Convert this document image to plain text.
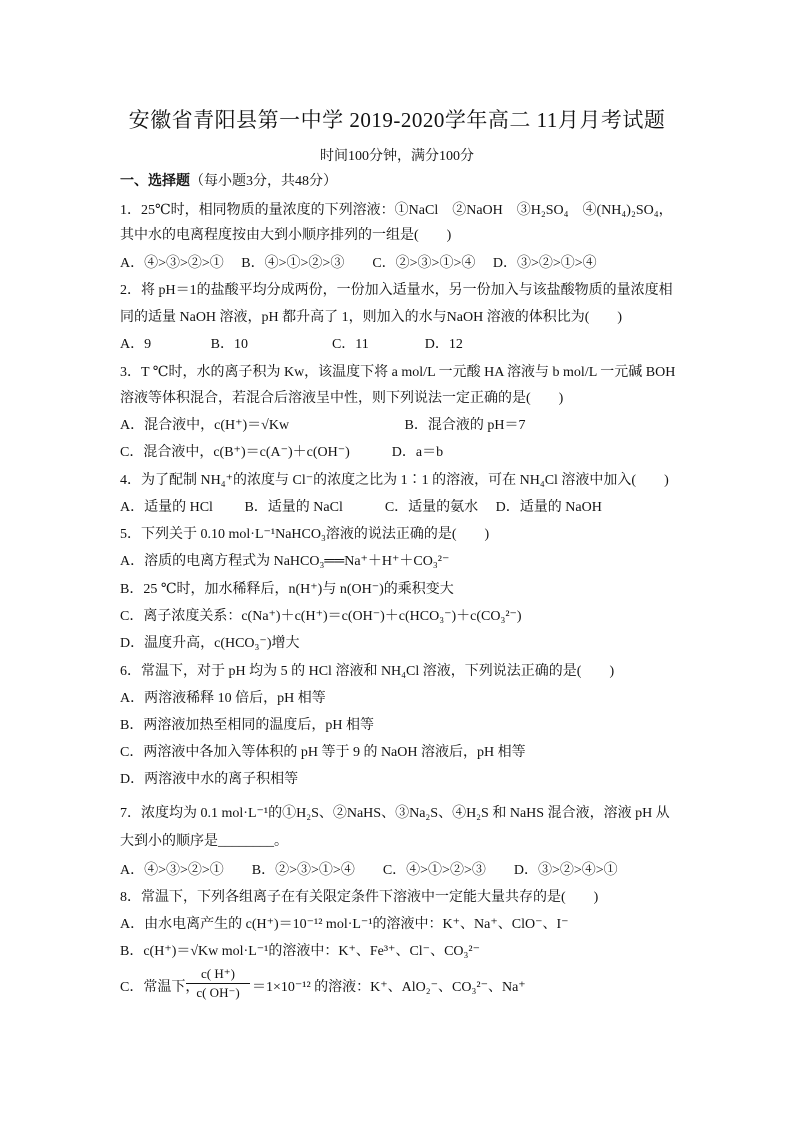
安徽省青阳县第一中学 2019-2020学年高二 11月月考试题
时间100分钟，满分100分
一、选择题（每小题3分，共48分）
1．25℃时，相同物质的量浓度的下列溶液：①NaCl　②NaOH　③H₂SO₄　④(NH₄)₂SO₄，
其中水的电离程度按由大到小顺序排列的一组是(　　)
A．④>③>②>①　 B．④>①>②>③　　C．②>③>①>④　 D．③>②>①>④
2．将 pH＝1的盐酸平均分成两份，一份加入适量水，另一份加入与该盐酸物质的量浓度相
同的适量 NaOH 溶液，pH 都升高了 1，则加入的水与NaOH 溶液的体积比为(　　)
A．9　　　　 B．10　　　　　　C．11　　　　D．12
3．T ℃时，水的离子积为 Kw，该温度下将 a mol/L 一元酸 HA 溶液与 b mol/L 一元碱 BOH
溶液等体积混合，若混合后溶液呈中性，则下列说法一定正确的是(　　)
A．混合液中，c(H⁺)＝√Kw　　　　　　　　 B．混合液的 pH＝7
C．混合液中，c(B⁺)＝c(A⁻)＋c(OH⁻)　　　D．a＝b
4．为了配制 NH₄⁺的浓度与 Cl⁻的浓度之比为 1∶1 的溶液，可在 NH₄Cl 溶液中加入(　　)
A．适量的 HCl　　 B．适量的 NaCl　　　C．适量的氨水　 D．适量的 NaOH
5．下列关于 0.10 mol·L⁻¹NaHCO₃溶液的说法正确的是(　　)
A．溶质的电离方程式为 NaHCO₃══Na⁺＋H⁺＋CO₃²⁻
B．25 ℃时，加水稀释后，n(H⁺)与 n(OH⁻)的乘积变大
C．离子浓度关系：c(Na⁺)＋c(H⁺)＝c(OH⁻)＋c(HCO₃⁻)＋c(CO₃²⁻)
D．温度升高，c(HCO₃⁻)增大
6．常温下，对于 pH 均为 5 的 HCl 溶液和 NH₄Cl 溶液，下列说法正确的是(　　)
A．两溶液稀释 10 倍后，pH 相等
B．两溶液加热至相同的温度后，pH 相等
C．两溶液中各加入等体积的 pH 等于 9 的 NaOH 溶液后，pH 相等
D．两溶液中水的离子积相等
7．浓度均为 0.1 mol·L⁻¹的①H₂S、②NaHS、③Na₂S、④H₂S 和 NaHS 混合液，溶液 pH 从
大到小的顺序是________。
A．④>③>②>①　　B．②>③>①>④　　C．④>①>②>③　　D．③>②>④>①
8．常温下，下列各组离子在有关限定条件下溶液中一定能大量共存的是(　　)
A．由水电离产生的 c(H⁺)＝10⁻¹² mol·L⁻¹的溶液中：K⁺、Na⁺、ClO⁻、I⁻
B．c(H⁺)＝√Kw mol·L⁻¹的溶液中：K⁺、Fe³⁺、Cl⁻、CO₃²⁻
C．常温下，
c( H⁺)
c( OH⁻) ＝1×10⁻¹² 的溶液：K⁺、AlO₂⁻、CO₃²⁻、Na⁺
